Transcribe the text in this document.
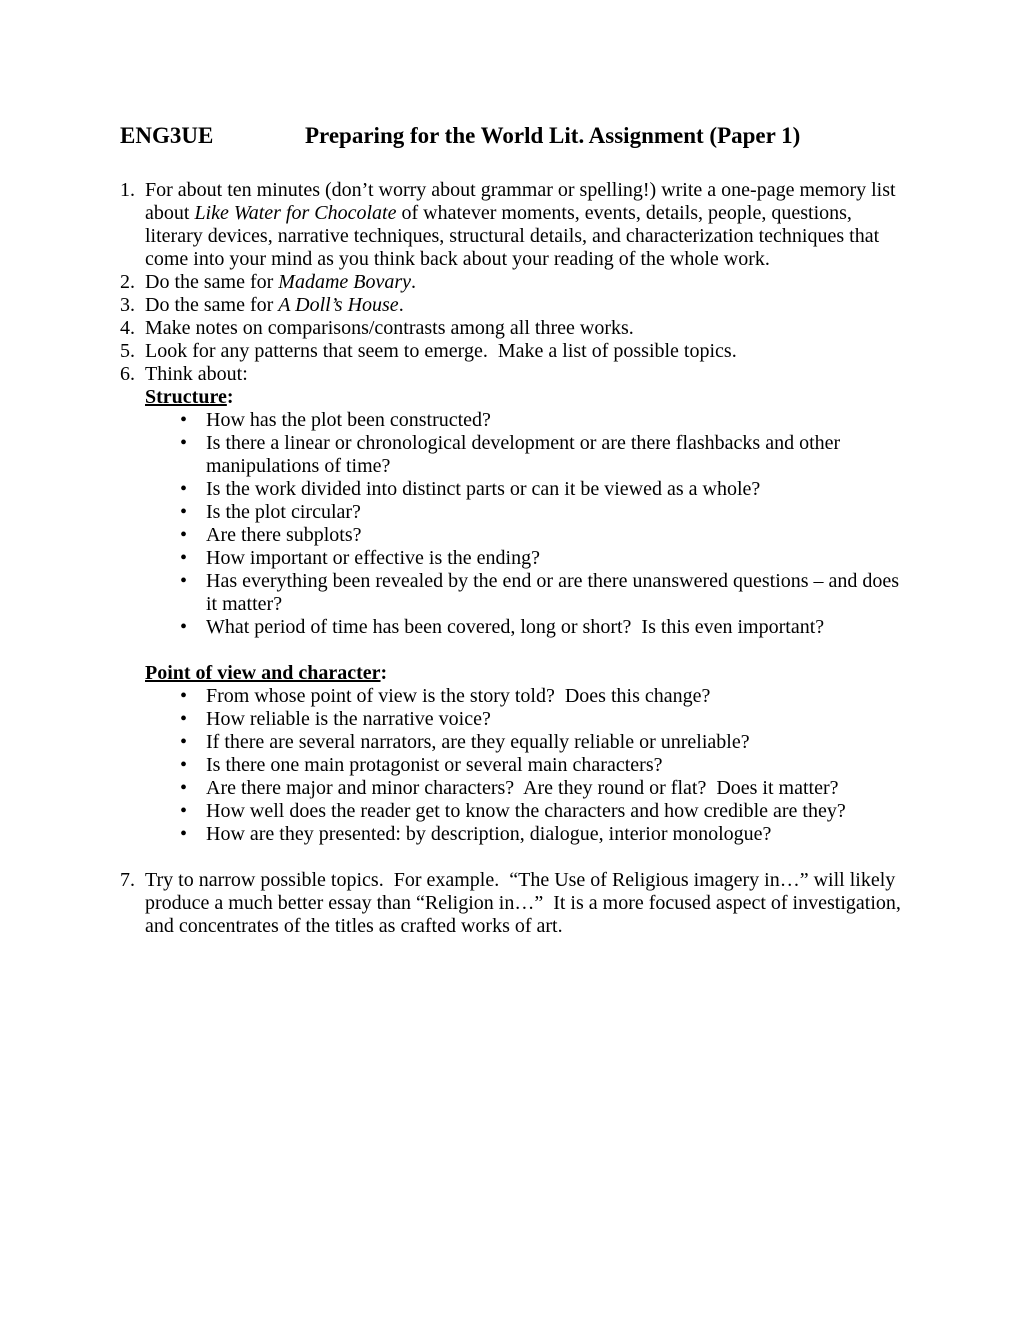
ENG3UE	Preparing for the World Lit. Assignment (Paper 1)
1. For about ten minutes (don’t worry about grammar or spelling!) write a one-page memory list about Like Water for Chocolate of whatever moments, events, details, people, questions, literary devices, narrative techniques, structural details, and characterization techniques that come into your mind as you think back about your reading of the whole work.
2. Do the same for Madame Bovary.
3. Do the same for A Doll’s House.
4. Make notes on comparisons/contrasts among all three works.
5. Look for any patterns that seem to emerge.  Make a list of possible topics.
6. Think about:
Structure:
• How has the plot been constructed?
• Is there a linear or chronological development or are there flashbacks and other manipulations of time?
• Is the work divided into distinct parts or can it be viewed as a whole?
• Is the plot circular?
• Are there subplots?
• How important or effective is the ending?
• Has everything been revealed by the end or are there unanswered questions – and does it matter?
• What period of time has been covered, long or short?  Is this even important?
Point of view and character:
• From whose point of view is the story told?  Does this change?
• How reliable is the narrative voice?
• If there are several narrators, are they equally reliable or unreliable?
• Is there one main protagonist or several main characters?
• Are there major and minor characters?  Are they round or flat?  Does it matter?
• How well does the reader get to know the characters and how credible are they?
• How are they presented: by description, dialogue, interior monologue?
7. Try to narrow possible topics.  For example.  “The Use of Religious imagery in…” will likely produce a much better essay than “Religion in…”  It is a more focused aspect of investigation, and concentrates of the titles as crafted works of art.
